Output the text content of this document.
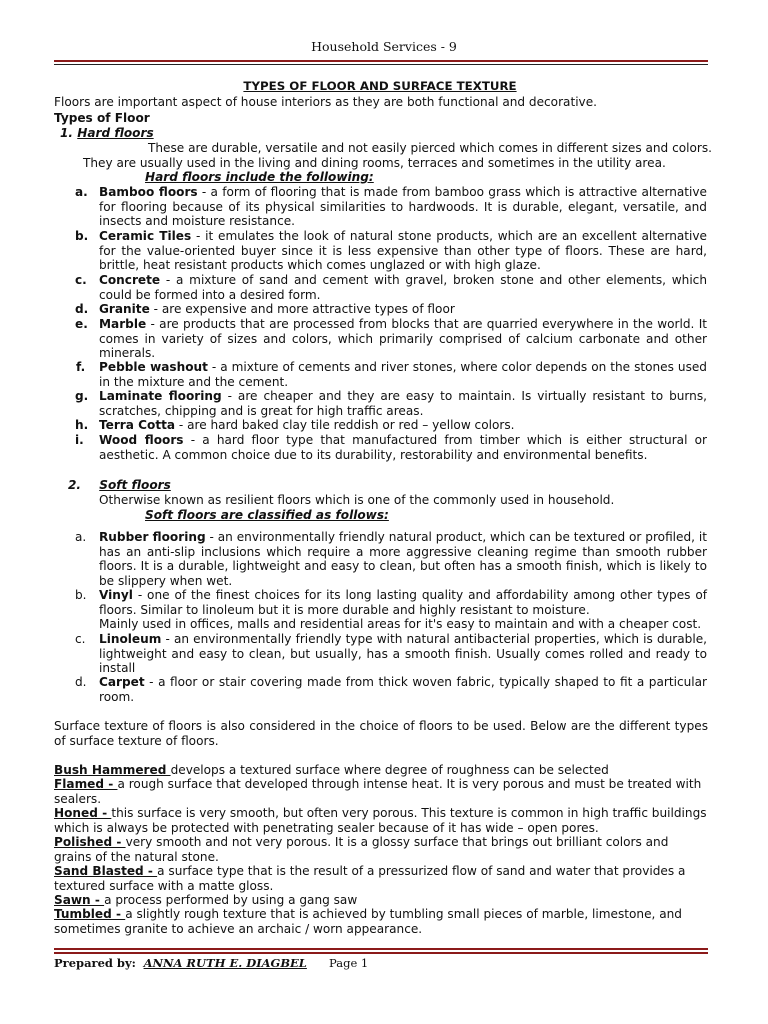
Household Services - 9
TYPES OF FLOOR AND SURFACE TEXTURE

Floors are important aspect of house interiors as they are both functional and decorative.

Types of Floor

1. Hard floors

These are durable, versatile and not easily pierced which comes in different sizes and colors.

They are usually used in the living and dining rooms, terraces and sometimes in the utility area.

Hard floors include the following:

a. Bamboo floors - a form of flooring that is made from bamboo grass which is attractive alternative for flooring because of its physical similarities to hardwoods. It is durable, elegant, versatile, and insects and moisture resistance.
b. Ceramic Tiles - it emulates the look of natural stone products, which are an excellent alternative for the value-oriented buyer since it is less expensive than other type of floors. These are hard, brittle, heat resistant products which comes unglazed or with high glaze.
c. Concrete - a mixture of sand and cement with gravel, broken stone and other elements, which could be formed into a desired form.
d. Granite - are expensive and more attractive types of floor
e. Marble - are products that are processed from blocks that are quarried everywhere in the world. It comes in variety of sizes and colors, which primarily comprised of calcium carbonate and other minerals.
f. Pebble washout - a mixture of cements and river stones, where color depends on the stones used in the mixture and the cement.
g. Laminate flooring - are cheaper and they are easy to maintain. Is virtually resistant to burns, scratches, chipping and is great for high traffic areas.
h. Terra Cotta - are hard baked clay tile reddish or red – yellow colors.
i. Wood floors - a hard floor type that manufactured from timber which is either structural or aesthetic. A common choice due to its durability, restorability and environmental benefits.
2. Soft floors

Otherwise known as resilient floors which is one of the commonly used in household.

Soft floors are classified as follows:

a. Rubber flooring - an environmentally friendly natural product, which can be textured or profiled, it has an anti-slip inclusions which require a more aggressive cleaning regime than smooth rubber floors. It is a durable, lightweight and easy to clean, but often has a smooth finish, which is likely to be slippery when wet.
b. Vinyl - one of the finest choices for its long lasting quality and affordability among other types of floors. Similar to linoleum but it is more durable and highly resistant to moisture.
Mainly used in offices, malls and residential areas for it's easy to maintain and with a cheaper cost.
c. Linoleum - an environmentally friendly type with natural antibacterial properties, which is durable, lightweight and easy to clean, but usually, has a smooth finish. Usually comes rolled and ready to install
d. Carpet - a floor or stair covering made from thick woven fabric, typically shaped to fit a particular room.

Surface texture of floors is also considered in the choice of floors to be used. Below are the different types of surface texture of floors.

Bush Hammered develops a textured surface where degree of roughness can be selected
Flamed - a rough surface that developed through intense heat. It is very porous and must be treated with sealers.
Honed - this surface is very smooth, but often very porous. This texture is common in high traffic buildings which is always be protected with penetrating sealer because of it has wide – open pores.
Polished - very smooth and not very porous. It is a glossy surface that brings out brilliant colors and grains of the natural stone.
Sand Blasted - a surface type that is the result of a pressurized flow of sand and water that provides a textured surface with a matte gloss.
Sawn - a process performed by using a gang saw
Tumbled - a slightly rough texture that is achieved by tumbling small pieces of marble, limestone, and sometimes granite to achieve an archaic / worn appearance.
Prepared by: ANNA RUTH E. DIAGBEL Page 1
